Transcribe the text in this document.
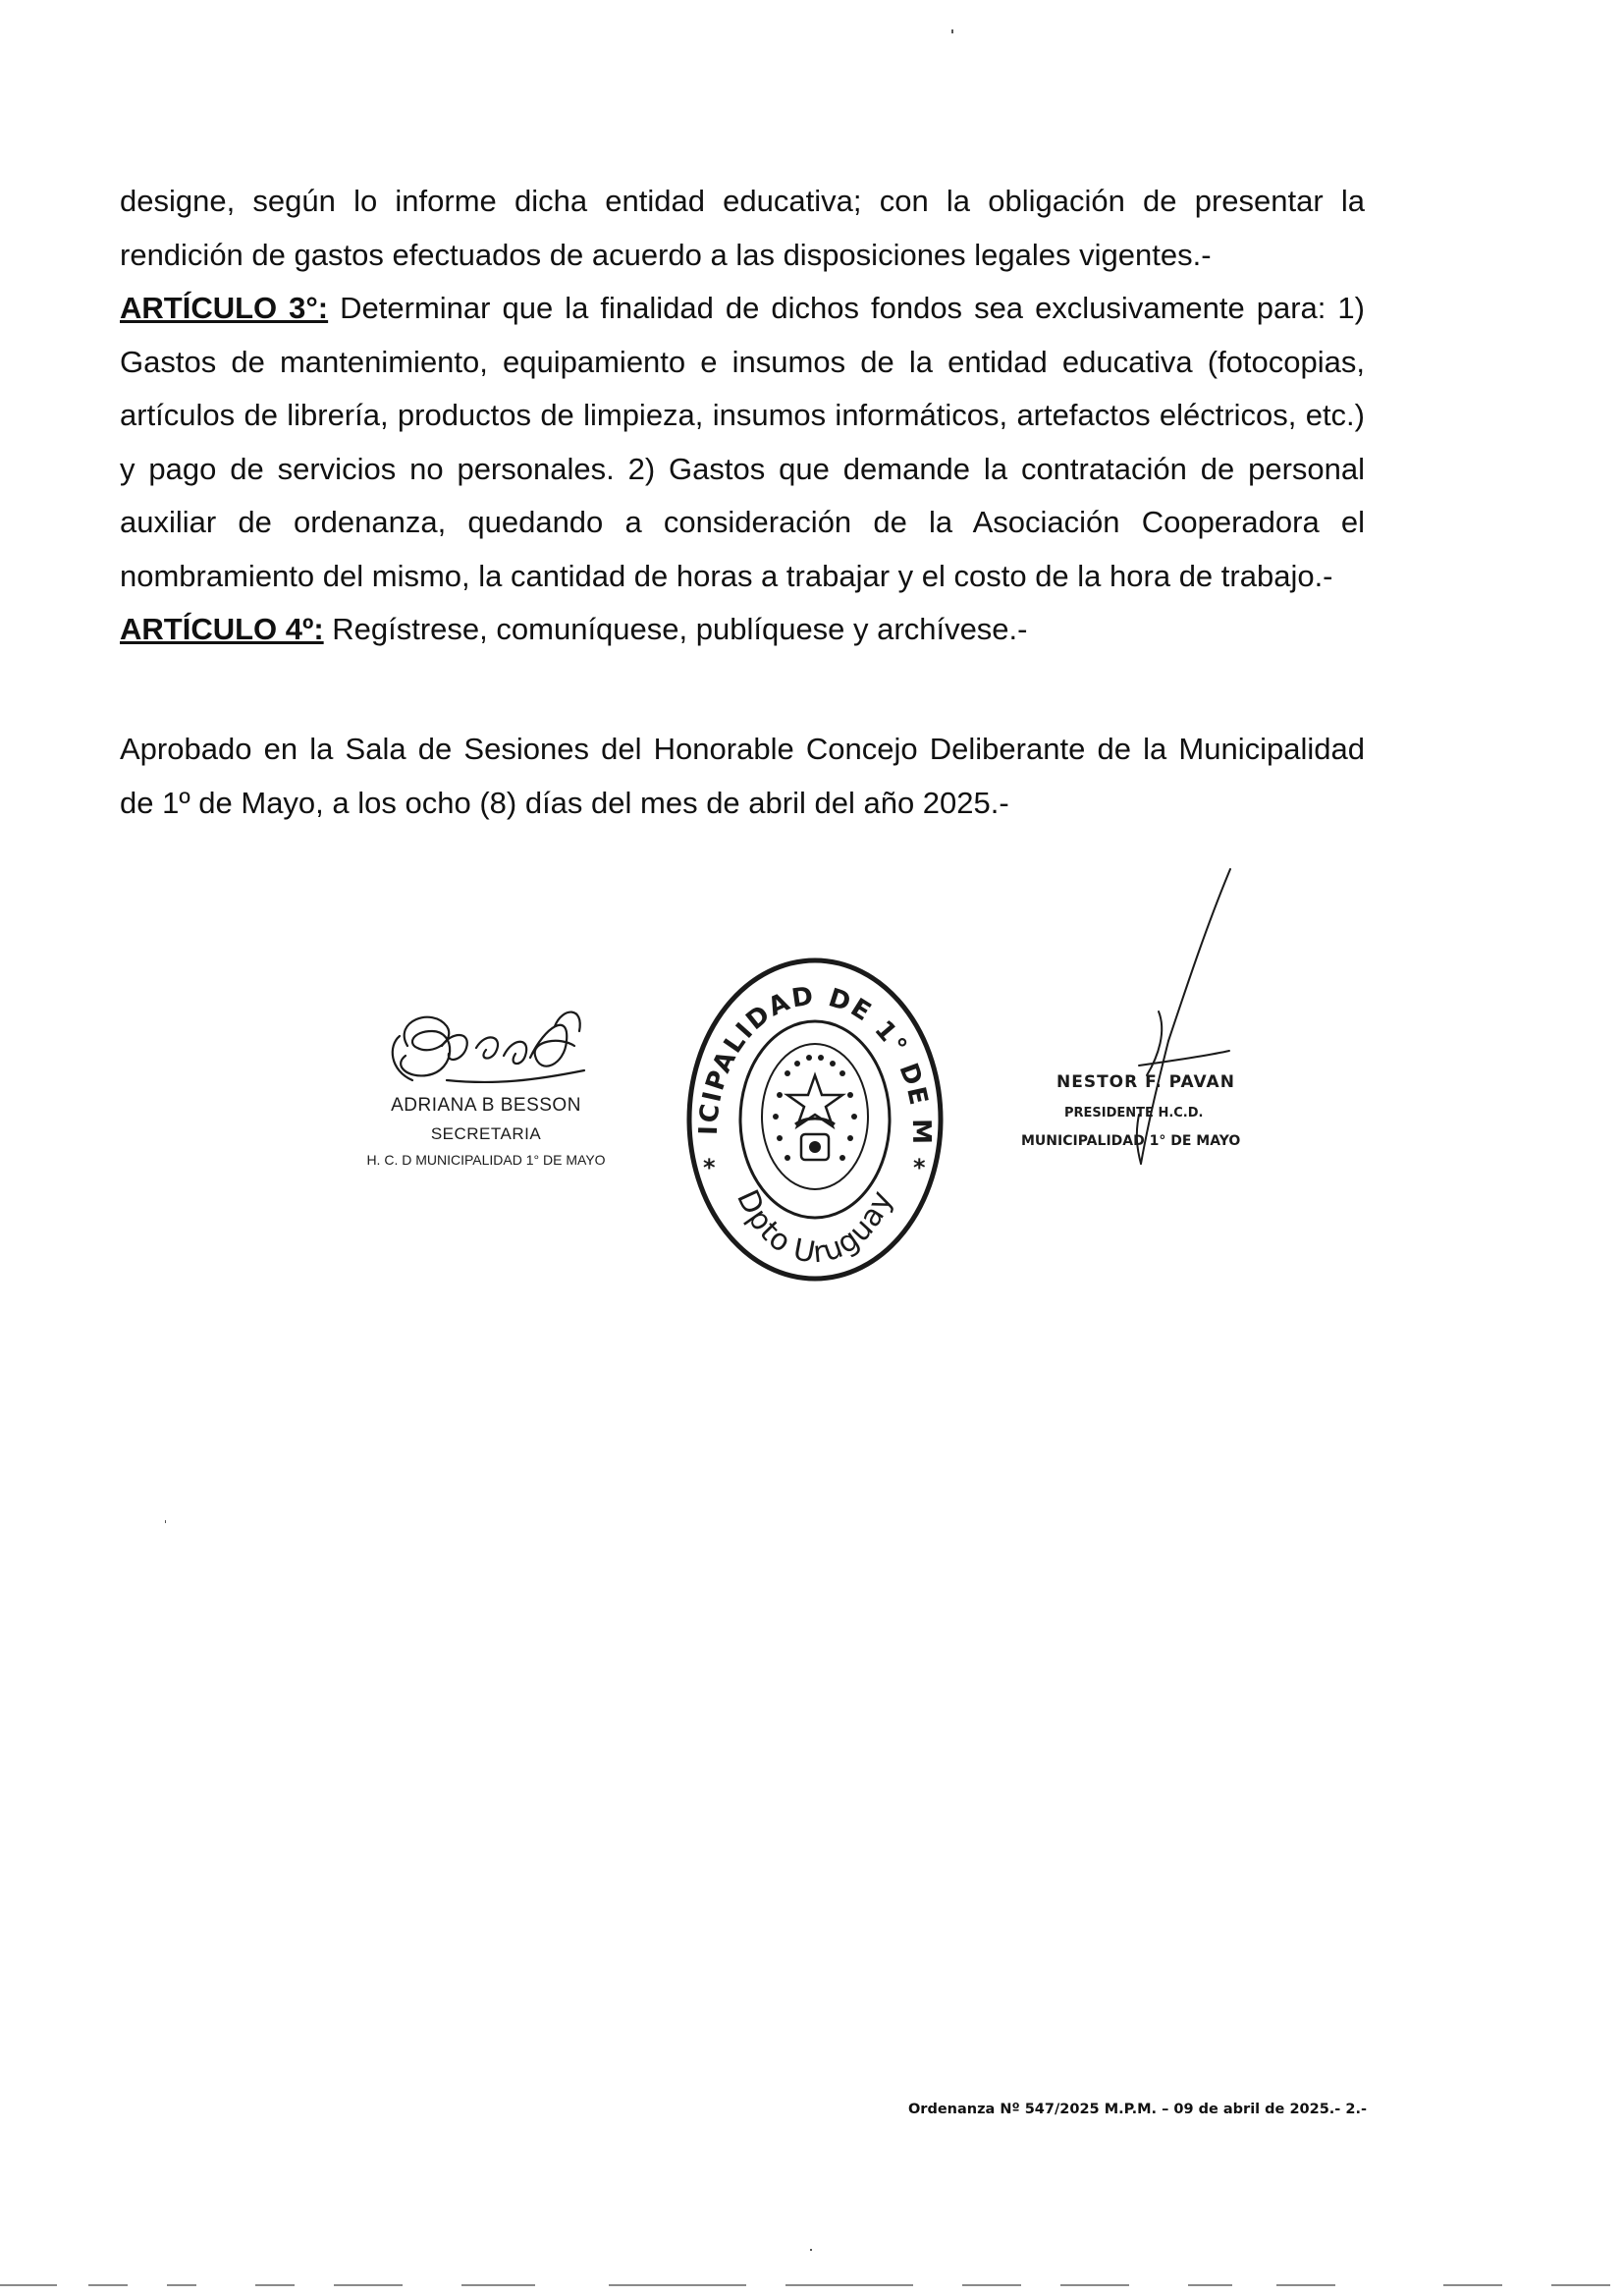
designe, según lo informe dicha entidad educativa; con la obligación de presentar la rendición de gastos efectuados de acuerdo a las disposiciones legales vigentes.-

ARTÍCULO 3°: Determinar que la finalidad de dichos fondos sea exclusivamente para: 1) Gastos de mantenimiento, equipamiento e insumos de la entidad educativa (fotocopias, artículos de librería, productos de limpieza, insumos informáticos, artefactos eléctricos, etc.) y pago de servicios no personales. 2) Gastos que demande la contratación de personal auxiliar de ordenanza, quedando a consideración de la Asociación Cooperadora el nombramiento del mismo, la cantidad de horas a trabajar y el costo de la hora de trabajo.-

ARTÍCULO 4º: Regístrese, comuníquese, publíquese y archívese.-

Aprobado en la Sala de Sesiones del Honorable Concejo Deliberante de la Municipalidad de 1º de Mayo, a los ocho (8) días del mes de abril del año 2025.-

ADRIANA B BESSON
SECRETARIA
H. C. D MUNICIPALIDAD 1° DE MAYO
ICIPALIDAD DE 1° DE M
Dpto Uruguay
*	*
NESTOR F. PAVAN
PRESIDENTE H.C.D.
MUNICIPALIDAD 1° DE MAYO
Ordenanza Nº 547/2025 M.P.M. – 09 de abril de 2025.- 2.-
